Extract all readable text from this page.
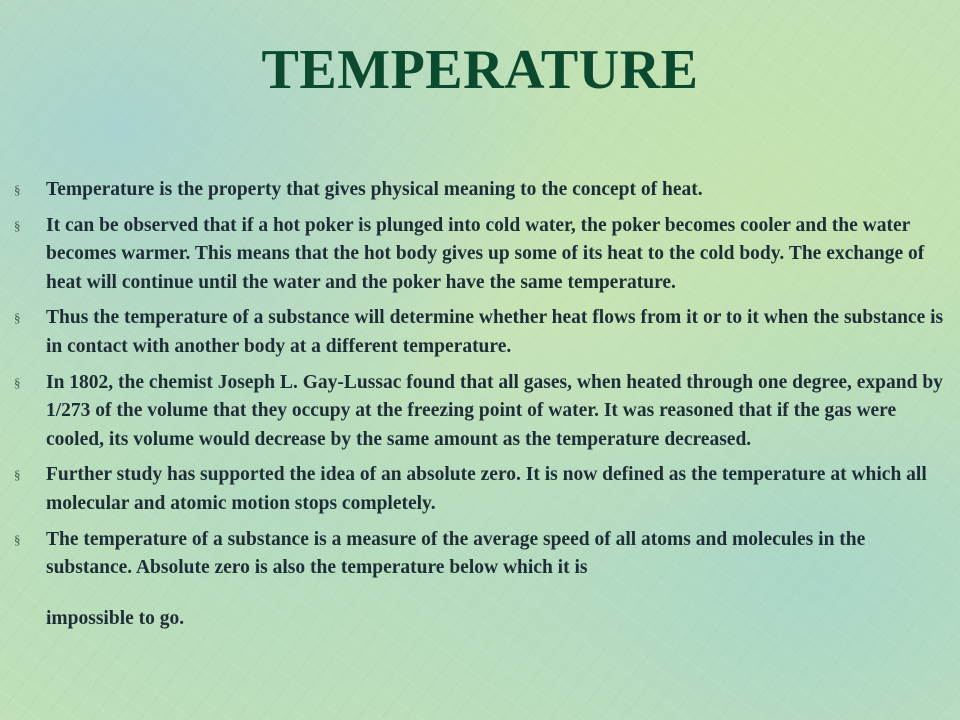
TEMPERATURE
§	Temperature is the property that gives physical meaning to the concept of heat.
§	It can be observed that if a hot poker is plunged into cold water, the poker becomes cooler and the water becomes warmer. This means that the hot body gives up some of its heat to the cold body. The exchange of heat will continue until the water and the poker have the same temperature.
§	Thus the temperature of a substance will determine whether heat flows from it or to it when the substance is in contact with another body at a different temperature.
§	In 1802, the chemist Joseph L. Gay-Lussac found that all gases, when heated through one degree, expand by 1/273 of the volume that they occupy at the freezing point of water. It was reasoned that if the gas were cooled, its volume would decrease by the same amount as the temperature decreased.
§	Further study has supported the idea of an absolute zero. It is now defined as the temperature at which all molecular and atomic motion stops completely.
§	The temperature of a substance is a measure of the average speed of all atoms and molecules in the substance. Absolute zero is also the temperature below which it is
impossible to go.
